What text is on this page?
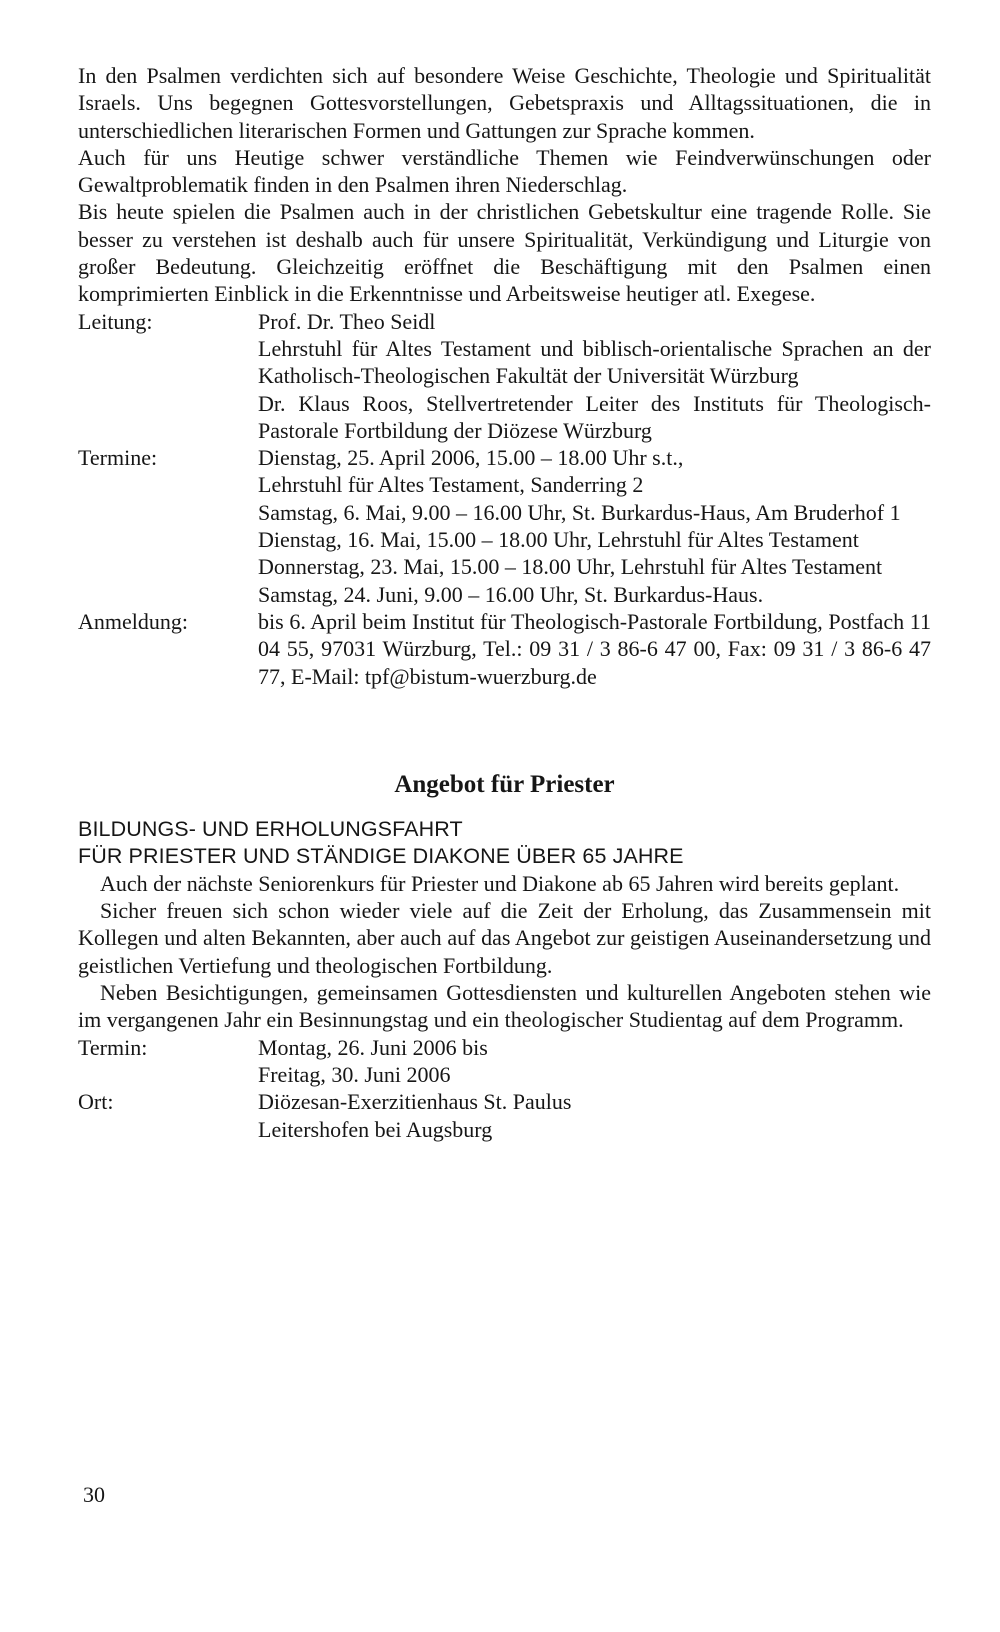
In den Psalmen verdichten sich auf besondere Weise Geschichte, Theologie und Spiritualität Israels. Uns begegnen Gottesvorstellungen, Gebetspraxis und Alltagssituationen, die in unterschiedlichen literarischen Formen und Gattungen zur Sprache kommen.

Auch für uns Heutige schwer verständliche Themen wie Feindverwünschungen oder Gewaltproblematik finden in den Psalmen ihren Niederschlag.

Bis heute spielen die Psalmen auch in der christlichen Gebetskultur eine tragende Rolle. Sie besser zu verstehen ist deshalb auch für unsere Spiritualität, Verkündigung und Liturgie von großer Bedeutung. Gleichzeitig eröffnet die Beschäftigung mit den Psalmen einen komprimierten Einblick in die Erkenntnisse und Arbeitsweise heutiger atl. Exegese.

Leitung:	Prof. Dr. Theo Seidl

Lehrstuhl für Altes Testament und biblisch-orientalische Sprachen an der Katholisch-Theologischen Fakultät der Universität Würzburg

Dr. Klaus Roos, Stellvertretender Leiter des Instituts für Theologisch-Pastorale Fortbildung der Diözese Würzburg

Termine:	Dienstag, 25. April 2006, 15.00 – 18.00 Uhr s.t.,

Lehrstuhl für Altes Testament, Sanderring 2

Samstag, 6. Mai, 9.00 – 16.00 Uhr, St. Burkardus-Haus, Am Bruderhof 1

Dienstag, 16. Mai, 15.00 – 18.00 Uhr, Lehrstuhl für Altes Testament

Donnerstag, 23. Mai, 15.00 – 18.00 Uhr, Lehrstuhl für Altes Testament

Samstag, 24. Juni, 9.00 – 16.00 Uhr, St. Burkardus-Haus.

Anmeldung:	bis 6. April beim Institut für Theologisch-Pastorale Fortbildung, Postfach 11 04 55, 97031 Würzburg, Tel.: 09 31 / 3 86-6 47 00, Fax: 09 31 / 3 86-6 47 77, E-Mail: tpf@bistum-wuerzburg.de

Angebot für Priester

BILDUNGS- UND ERHOLUNGSFAHRT

FÜR PRIESTER UND STÄNDIGE DIAKONE ÜBER 65 JAHRE

Auch der nächste Seniorenkurs für Priester und Diakone ab 65 Jahren wird bereits geplant.

Sicher freuen sich schon wieder viele auf die Zeit der Erholung, das Zusammensein mit Kollegen und alten Bekannten, aber auch auf das Angebot zur geistigen Auseinandersetzung und geistlichen Vertiefung und theologischen Fortbildung.

Neben Besichtigungen, gemeinsamen Gottesdiensten und kulturellen Angeboten stehen wie im vergangenen Jahr ein Besinnungstag und ein theologischer Studientag auf dem Programm.

Termin:	Montag, 26. Juni 2006 bis

Freitag, 30. Juni 2006

Ort:	Diözesan-Exerzitienhaus St. Paulus

Leitershofen bei Augsburg

30
